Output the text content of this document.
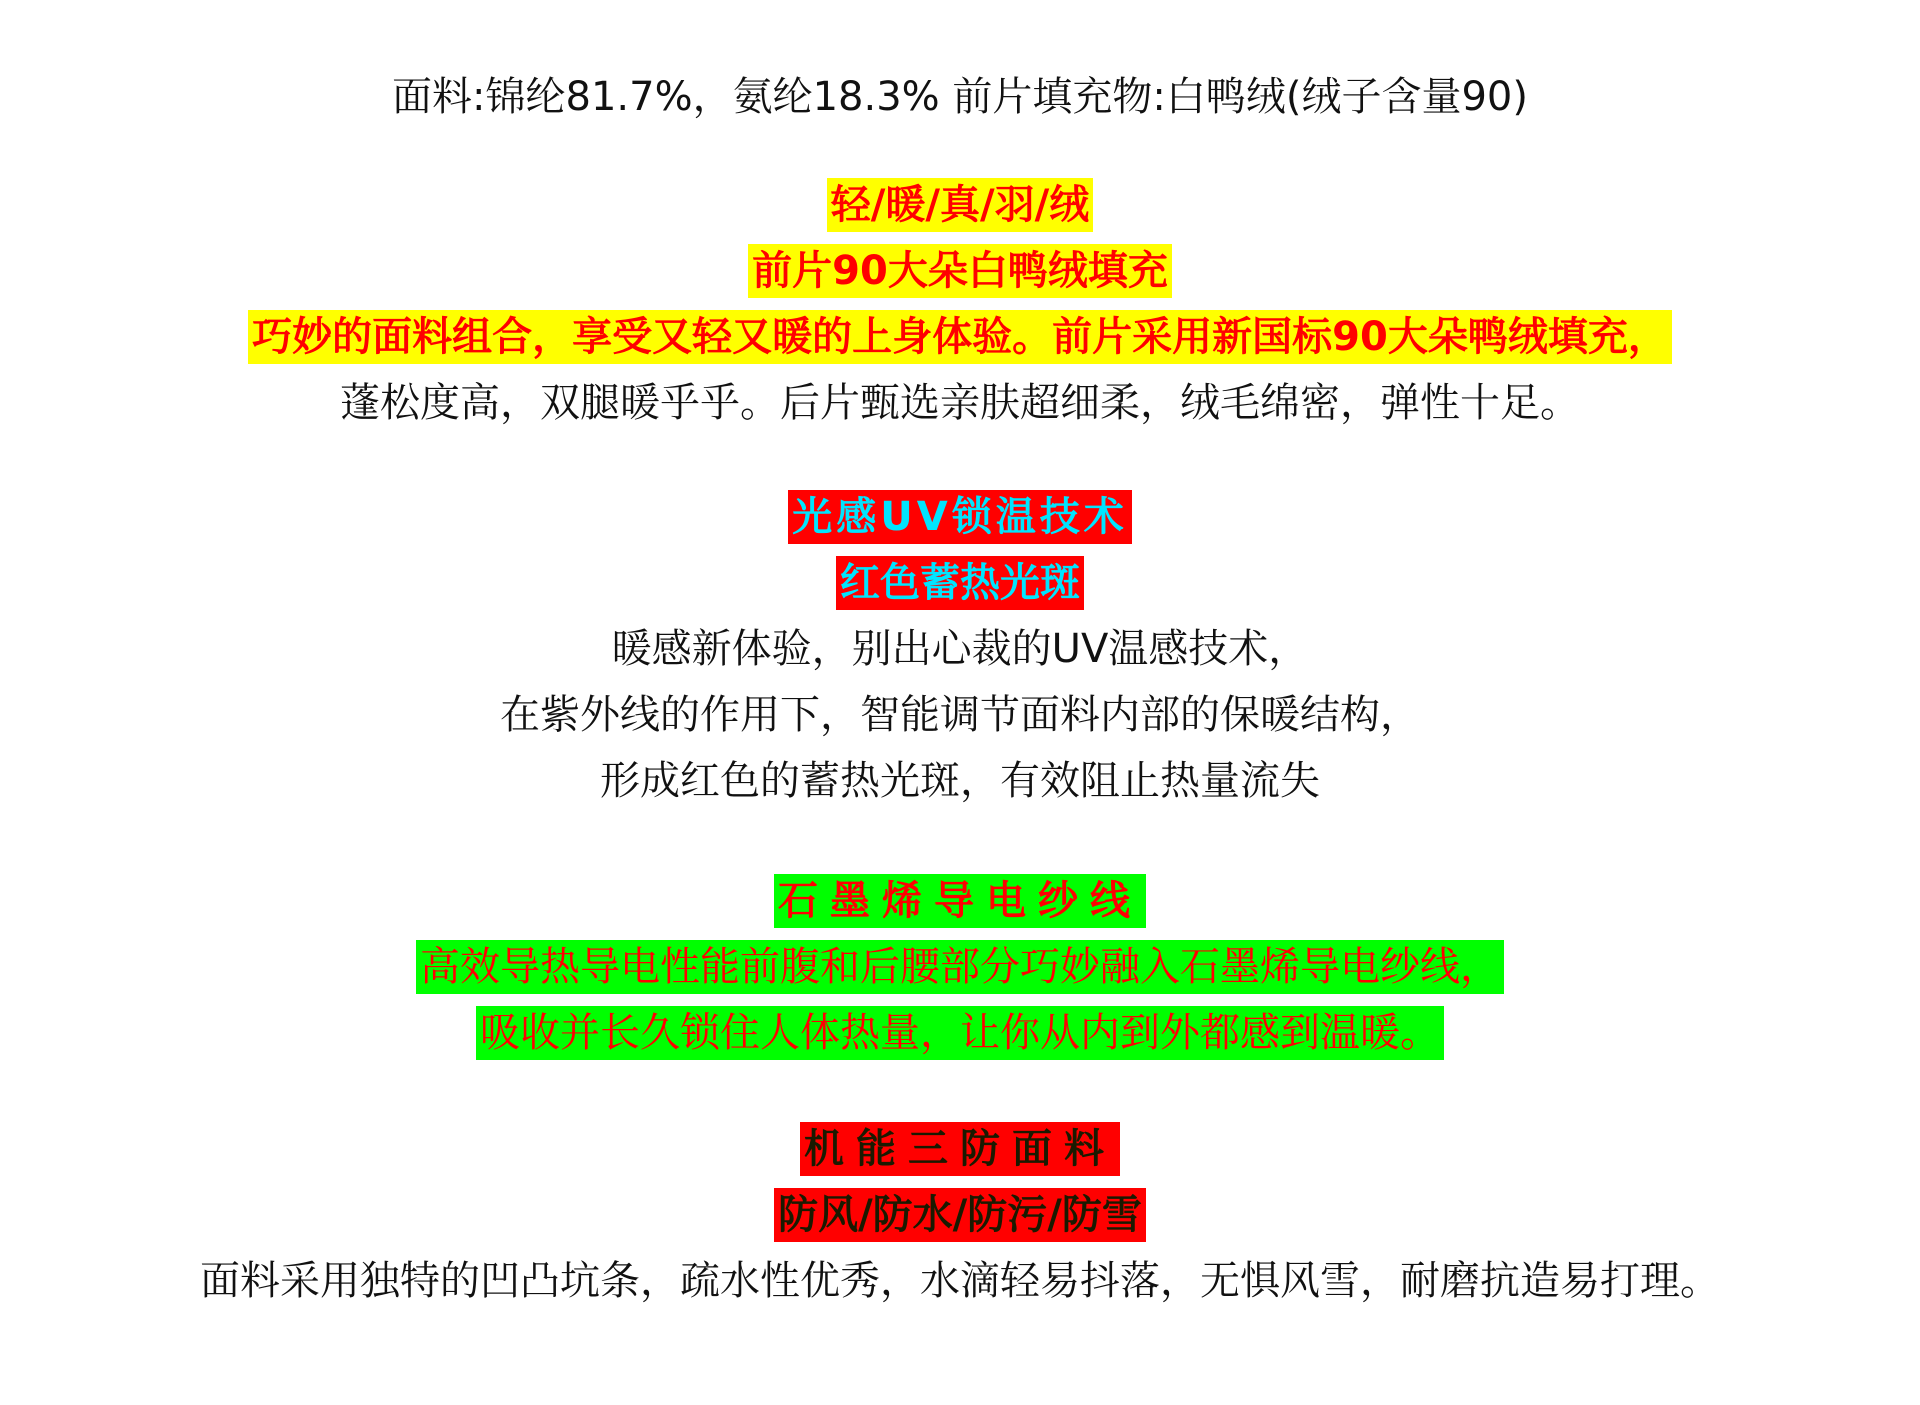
面料:锦纶81.7%，氨纶18.3% 前片填充物:白鸭绒(绒子含量90)
轻/暖/真/羽/绒
前片90大朵白鸭绒填充
巧妙的面料组合，享受又轻又暖的上身体验。前片采用新国标90大朵鸭绒填充，
蓬松度高，双腿暖乎乎。后片甄选亲肤超细柔，绒毛绵密，弹性十足。
光感UV锁温技术
红色蓄热光斑
暖感新体验，别出心裁的UV温感技术，
在紫外线的作用下，智能调节面料内部的保暖结构，
形成红色的蓄热光斑，有效阻止热量流失
石墨烯导电纱线
高效导热导电性能前腹和后腰部分巧妙融入石墨烯导电纱线，
吸收并长久锁住人体热量，让你从内到外都感到温暖。
机能三防面料
防风/防水/防污/防雪
面料采用独特的凹凸坑条，疏水性优秀，水滴轻易抖落，无惧风雪，耐磨抗造易打理。
